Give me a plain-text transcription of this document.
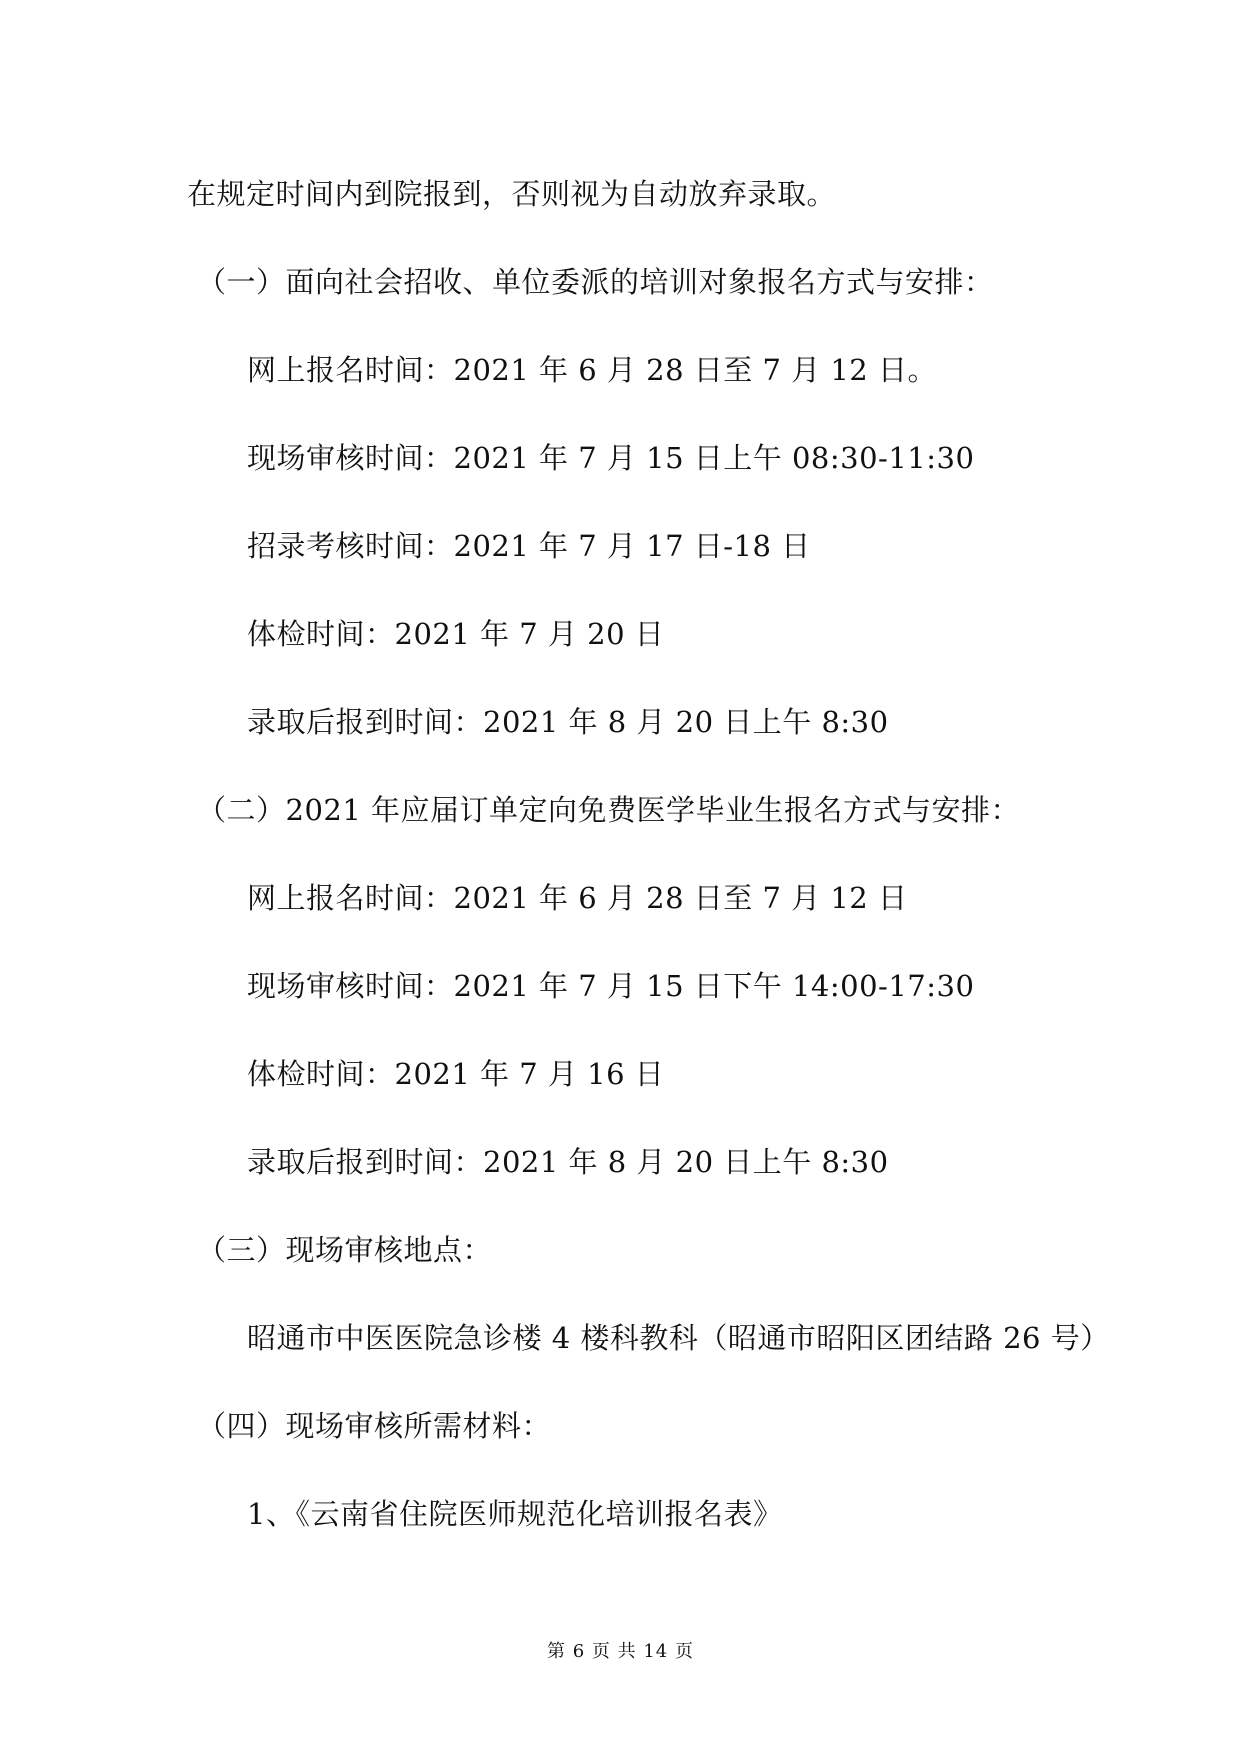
在规定时间内到院报到，否则视为自动放弃录取。

（一）面向社会招收、单位委派的培训对象报名方式与安排：

网上报名时间：2021 年 6 月 28 日至 7 月 12 日。

现场审核时间：2021 年 7 月 15 日上午 08:30-11:30

招录考核时间：2021 年 7 月 17 日-18 日

体检时间：2021 年 7 月 20 日

录取后报到时间：2021 年 8 月 20 日上午 8:30

（二）2021 年应届订单定向免费医学毕业生报名方式与安排：

网上报名时间：2021 年 6 月 28 日至 7 月 12 日

现场审核时间：2021 年 7 月 15 日下午 14:00-17:30

体检时间：2021 年 7 月 16 日

录取后报到时间：2021 年 8 月 20 日上午 8:30

（三）现场审核地点：

昭通市中医医院急诊楼 4 楼科教科（昭通市昭阳区团结路 26 号）

（四）现场审核所需材料：

1、《云南省住院医师规范化培训报名表》

第 6 页 共 14 页
